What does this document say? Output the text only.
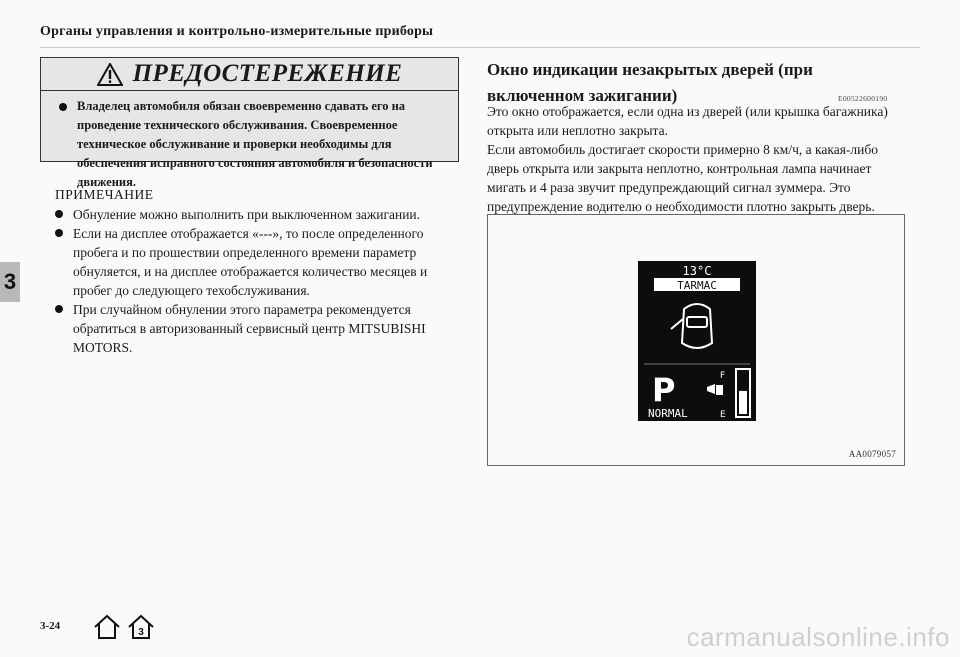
Органы управления и контрольно-измерительные приборы
3
ПРЕДОСТЕРЕЖЕНИЕ
Владелец автомобиля обязан своевременно сдавать его на проведение технического обслуживания. Своевременное техническое обслуживание и проверки необходимы для обеспечения исправного состояния автомобиля и безопасности движения.
ПРИМЕЧАНИЕ
Обнуление можно выполнить при выключенном зажигании.
Если на дисплее отображается «---», то после определенного пробега и по прошествии определенного времени параметр обнуляется, и на дисплее отображается количество месяцев и пробег до следующего техобслуживания.
При случайном обнулении этого параметра рекомендуется обратиться в авторизованный сервисный центр MITSUBISHI MOTORS.
Окно индикации незакрытых дверей (при включенном зажигании)	E00522600190
Это окно отображается, если одна из дверей (или крышка багажника) открыта или неплотно закрыта.
Если автомобиль достигает скорости примерно 8 км/ч, а какая-либо дверь открыта или закрыта неплотно, контрольная лампа начинает мигать и 4 раза звучит предупреждающий сигнал зуммера. Это предупреждение водителю о необходимости плотно закрыть дверь.
13°C
TARMAC
P	F
NORMAL	E
AA0079057
3-24
3	carmanualsonline.info
